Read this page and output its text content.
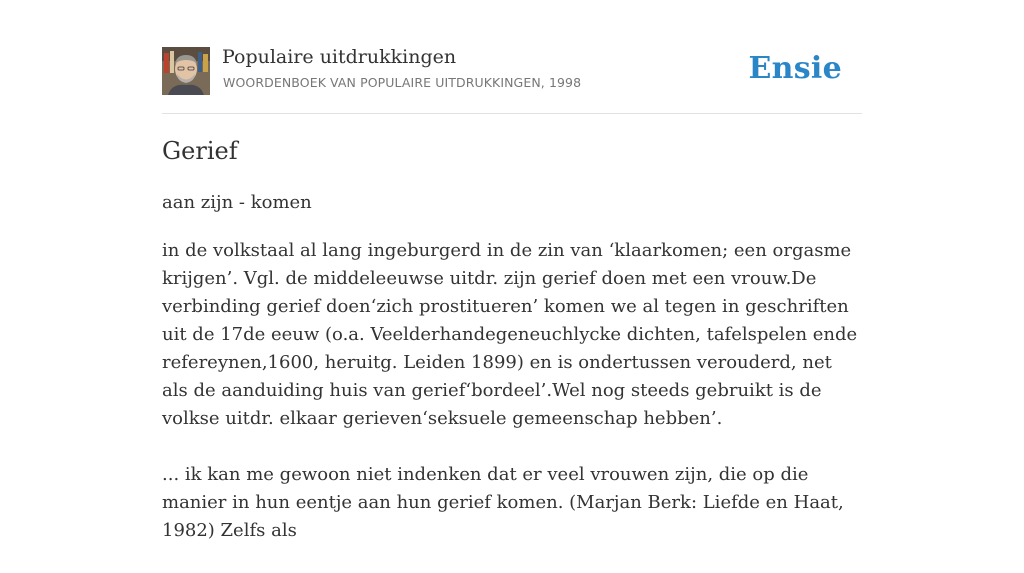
Populaire uitdrukkingen
WOORDENBOEK VAN POPULAIRE UITDRUKKINGEN, 1998	Ensie
Gerief
aan zijn - komen

in de volkstaal al lang ingeburgerd in de zin van ‘klaarkomen; een orgasme krijgen’. Vgl. de middeleeuwse uitdr. zijn gerief doen met een vrouw.De verbinding gerief doen‘zich prostitueren’ komen we al tegen in geschriften uit de 17de eeuw (o.a. Veelderhandegeneuchlycke dichten, tafelspelen ende refereynen,1600, heruitg. Leiden 1899) en is ondertussen verouderd, net als de aanduiding huis van gerief‘bordeel’.Wel nog steeds gebruikt is de volkse uitdr. elkaar gerieven‘seksuele gemeenschap hebben’.

... ik kan me gewoon niet indenken dat er veel vrouwen zijn, die op die manier in hun eentje aan hun gerief komen. (Marjan Berk: Liefde en Haat, 1982) Zelfs als
